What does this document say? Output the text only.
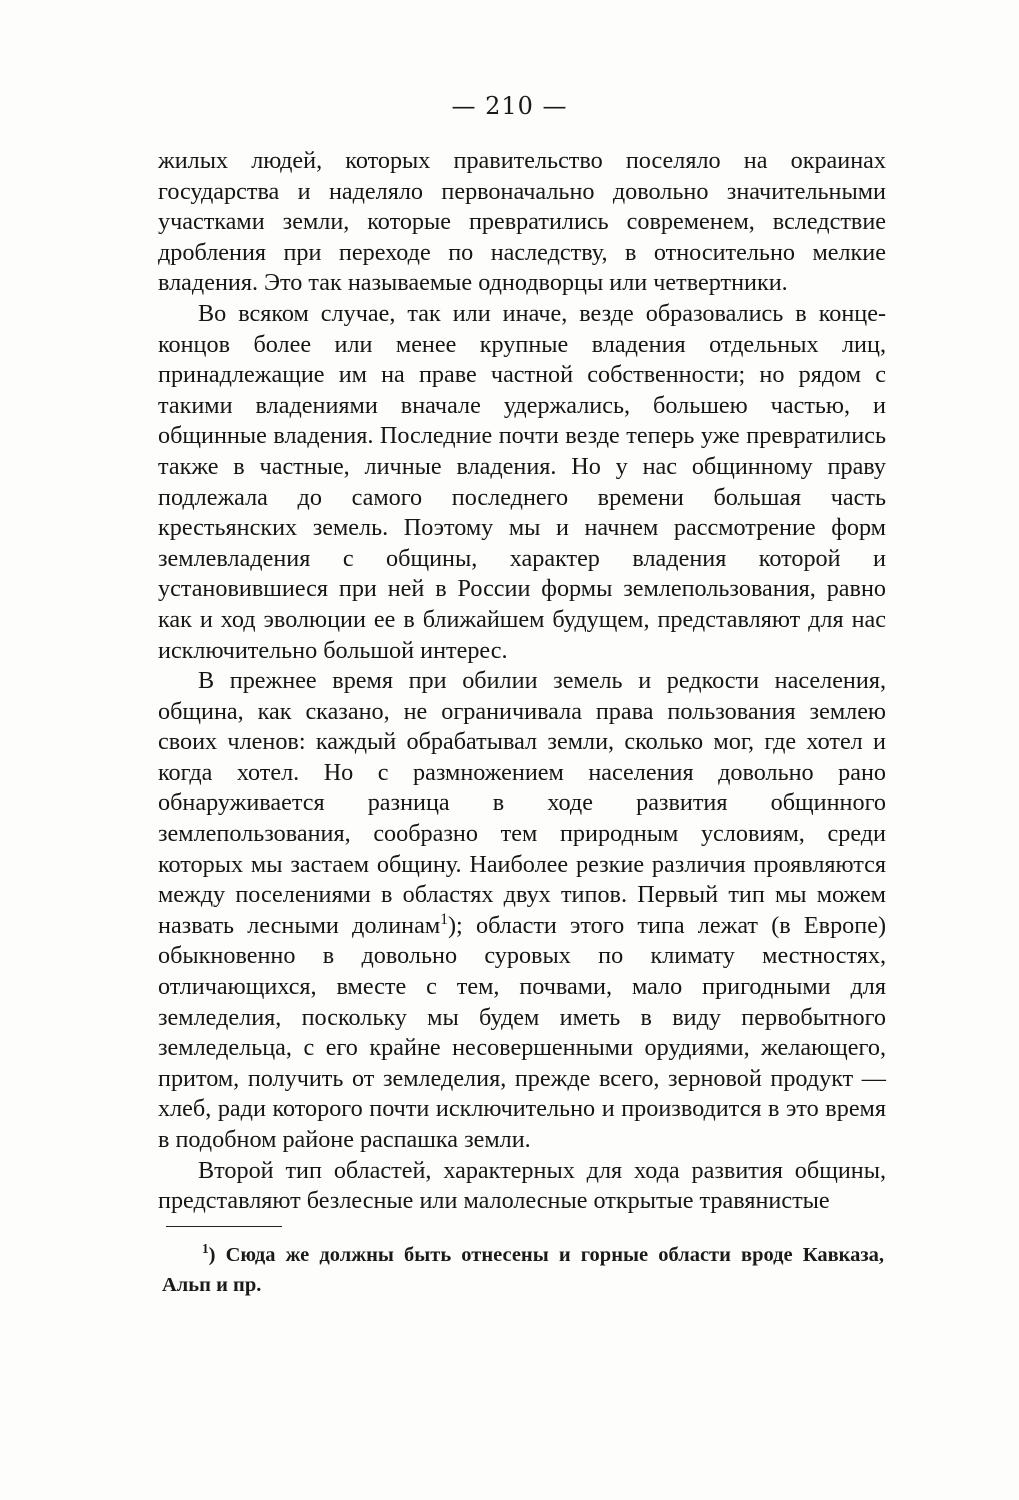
— 210 —

жилых людей, которых правительство поселяло на окраинах государства и наделяло первоначально довольно значительными участками земли, которые превратились современем, вследствие дробления при переходе по наследству, в относительно мелкие владения. Это так называемые однодворцы или четвертники.

Во всяком случае, так или иначе, везде образовались в конце-концов более или менее крупные владения отдельных лиц, принадлежащие им на праве частной собственности; но рядом с такими владениями вначале удержались, большею частью, и общинные владения. Последние почти везде теперь уже превратились также в частные, личные владения. Но у нас общинному праву подлежала до самого последнего времени большая часть крестьянских земель. Поэтому мы и начнем рассмотрение форм землевладения с общины, характер владения которой и установившиеся при ней в России формы землепользования, равно как и ход эволюции ее в ближайшем будущем, представляют для нас исключительно большой интерес.

В прежнее время при обилии земель и редкости населения, община, как сказано, не ограничивала права пользования землею своих членов: каждый обрабатывал земли, сколько мог, где хотел и когда хотел. Но с размножением населения довольно рано обнаруживается разница в ходе развития общинного землепользования, сообразно тем природным условиям, среди которых мы застаем общину. Наиболее резкие различия проявляются между поселениями в областях двух типов. Первый тип мы можем назвать лесными долинам$^1$); области этого типа лежат (в Европе) обыкновенно в довольно суровых по климату местностях, отличающихся, вместе с тем, почвами, мало пригодными для земледелия, поскольку мы будем иметь в виду первобытного земледельца, с его крайне несовершенными орудиями, желающего, притом, получить от земледелия, прежде всего, зерновой продукт — хлеб, ради которого почти исключительно и производится в это время в подобном районе распашка земли.

Второй тип областей, характерных для хода развития общины, представляют безлесные или малолесные открытые травянистые

$^1$) Сюда же должны быть отнесены и горные области вроде Кавказа, Альп и пр.
